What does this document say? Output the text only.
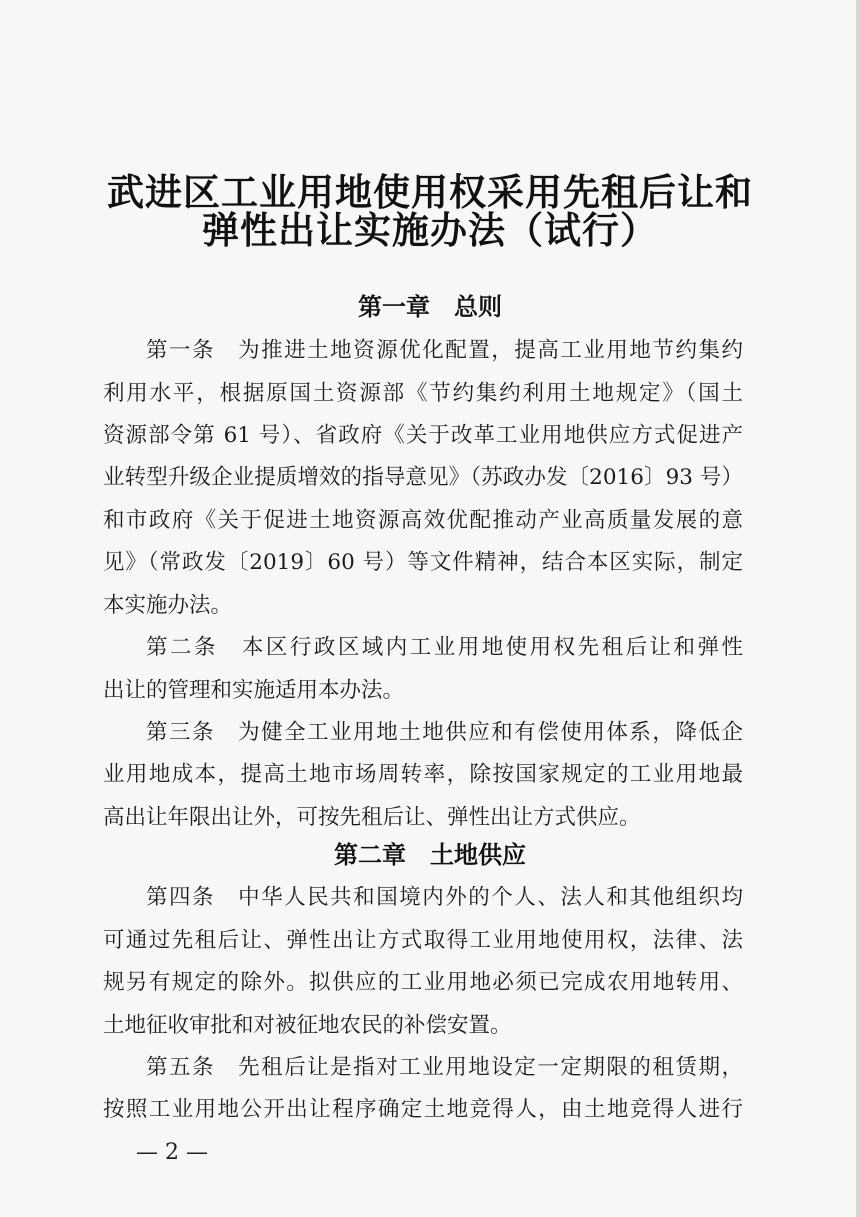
武进区工业用地使用权采用先租后让和
弹性出让实施办法（试行）
第一章　总则
第一条　为推进土地资源优化配置，提高工业用地节约集约
利用水平，根据原国土资源部《节约集约利用土地规定》（国土
资源部令第 61 号）、省政府《关于改革工业用地供应方式促进产
业转型升级企业提质增效的指导意见》（苏政办发〔2016〕93 号）
和市政府《关于促进土地资源高效优配推动产业高质量发展的意
见》（常政发〔2019〕60 号）等文件精神，结合本区实际，制定
本实施办法。
第二条　本区行政区域内工业用地使用权先租后让和弹性
出让的管理和实施适用本办法。
第三条　为健全工业用地土地供应和有偿使用体系，降低企
业用地成本，提高土地市场周转率，除按国家规定的工业用地最
高出让年限出让外，可按先租后让、弹性出让方式供应。
第二章　土地供应
第四条　中华人民共和国境内外的个人、法人和其他组织均
可通过先租后让、弹性出让方式取得工业用地使用权，法律、法
规另有规定的除外。拟供应的工业用地必须已完成农用地转用、
土地征收审批和对被征地农民的补偿安置。
第五条　先租后让是指对工业用地设定一定期限的租赁期，
按照工业用地公开出让程序确定土地竞得人，由土地竞得人进行
— 2 —
